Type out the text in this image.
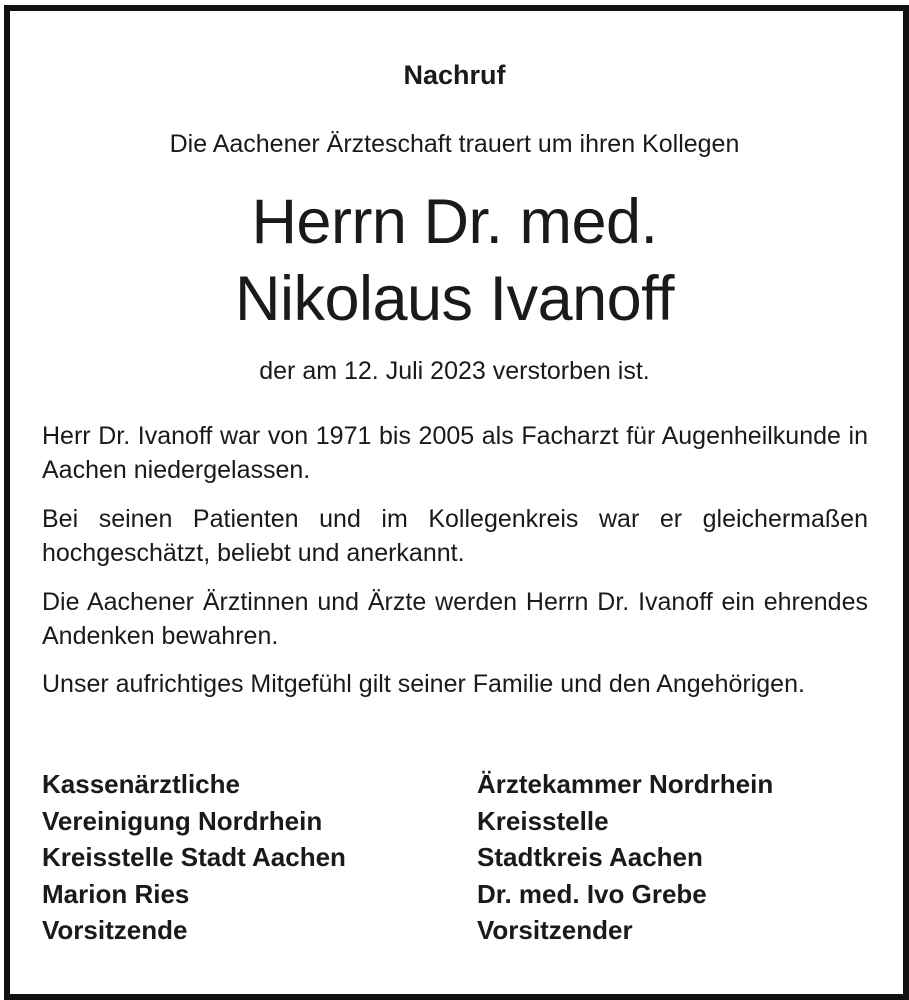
Nachruf
Die Aachener Ärzteschaft trauert um ihren Kollegen
Herrn Dr. med.
Nikolaus Ivanoff
der am 12. Juli 2023 verstorben ist.
Herr Dr. Ivanoff war von 1971 bis 2005 als Facharzt für Augenheilkunde in Aachen niedergelassen.
Bei seinen Patienten und im Kollegenkreis war er gleichermaßen hochgeschätzt, beliebt und anerkannt.
Die Aachener Ärztinnen und Ärzte werden Herrn Dr. Ivanoff ein ehrendes Andenken bewahren.
Unser aufrichtiges Mitgefühl gilt seiner Familie und den Angehörigen.
Kassenärztliche
Vereinigung Nordrhein
Kreisstelle Stadt Aachen
Marion Ries
Vorsitzende
Ärztekammer Nordrhein
Kreisstelle
Stadtkreis Aachen
Dr. med. Ivo Grebe
Vorsitzender
